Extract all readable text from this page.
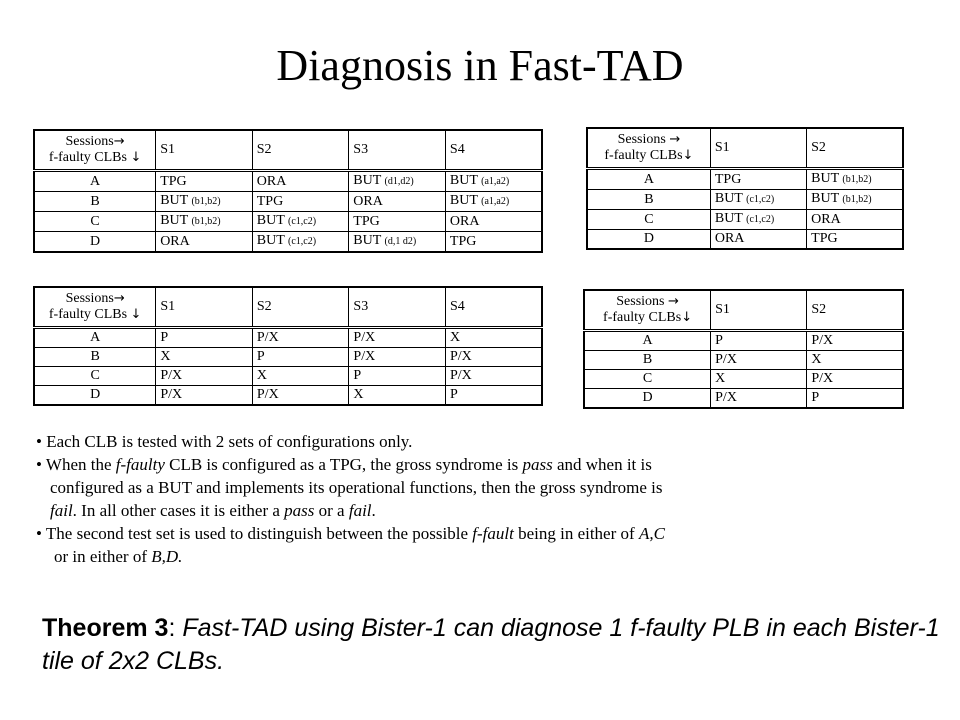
Diagnosis in Fast-TAD
Sessions→
f-faulty CLBs ↓	S1	S2	S3	S4
A	TPG	ORA	BUT (d1,d2)	BUT (a1,a2)
B	BUT (b1,b2)	TPG	ORA	BUT (a1,a2)
C	BUT (b1,b2)	BUT (c1,c2)	TPG	ORA
D	ORA	BUT (c1,c2)	BUT (d,1 d2)	TPG
Sessions →
f-faulty CLBs↓	S1	S2
A	TPG	BUT (b1,b2)
B	BUT (c1,c2)	BUT (b1,b2)
C	BUT (c1,c2)	ORA
D	ORA	TPG
Sessions→
f-faulty CLBs ↓	S1	S2	S3	S4
A	P	P/X	P/X	X
B	X	P	P/X	P/X
C	P/X	X	P	P/X
D	P/X	P/X	X	P
Sessions →
f-faulty CLBs↓	S1	S2
A	P	P/X
B	P/X	X
C	X	P/X
D	P/X	P
• Each CLB is tested with 2 sets of configurations only.
• When the f-faulty CLB is configured as a TPG, the gross syndrome is pass and when it is
configured as a BUT and implements its operational functions, then the gross syndrome is
fail. In all other cases it is either a pass or a fail.
• The second test set is used to distinguish between the possible f-fault being in either of A,C
or in either of B,D.
Theorem 3: Fast-TAD using Bister-1 can diagnose 1 f-faulty PLB in each Bister-1 tile of 2x2 CLBs.
